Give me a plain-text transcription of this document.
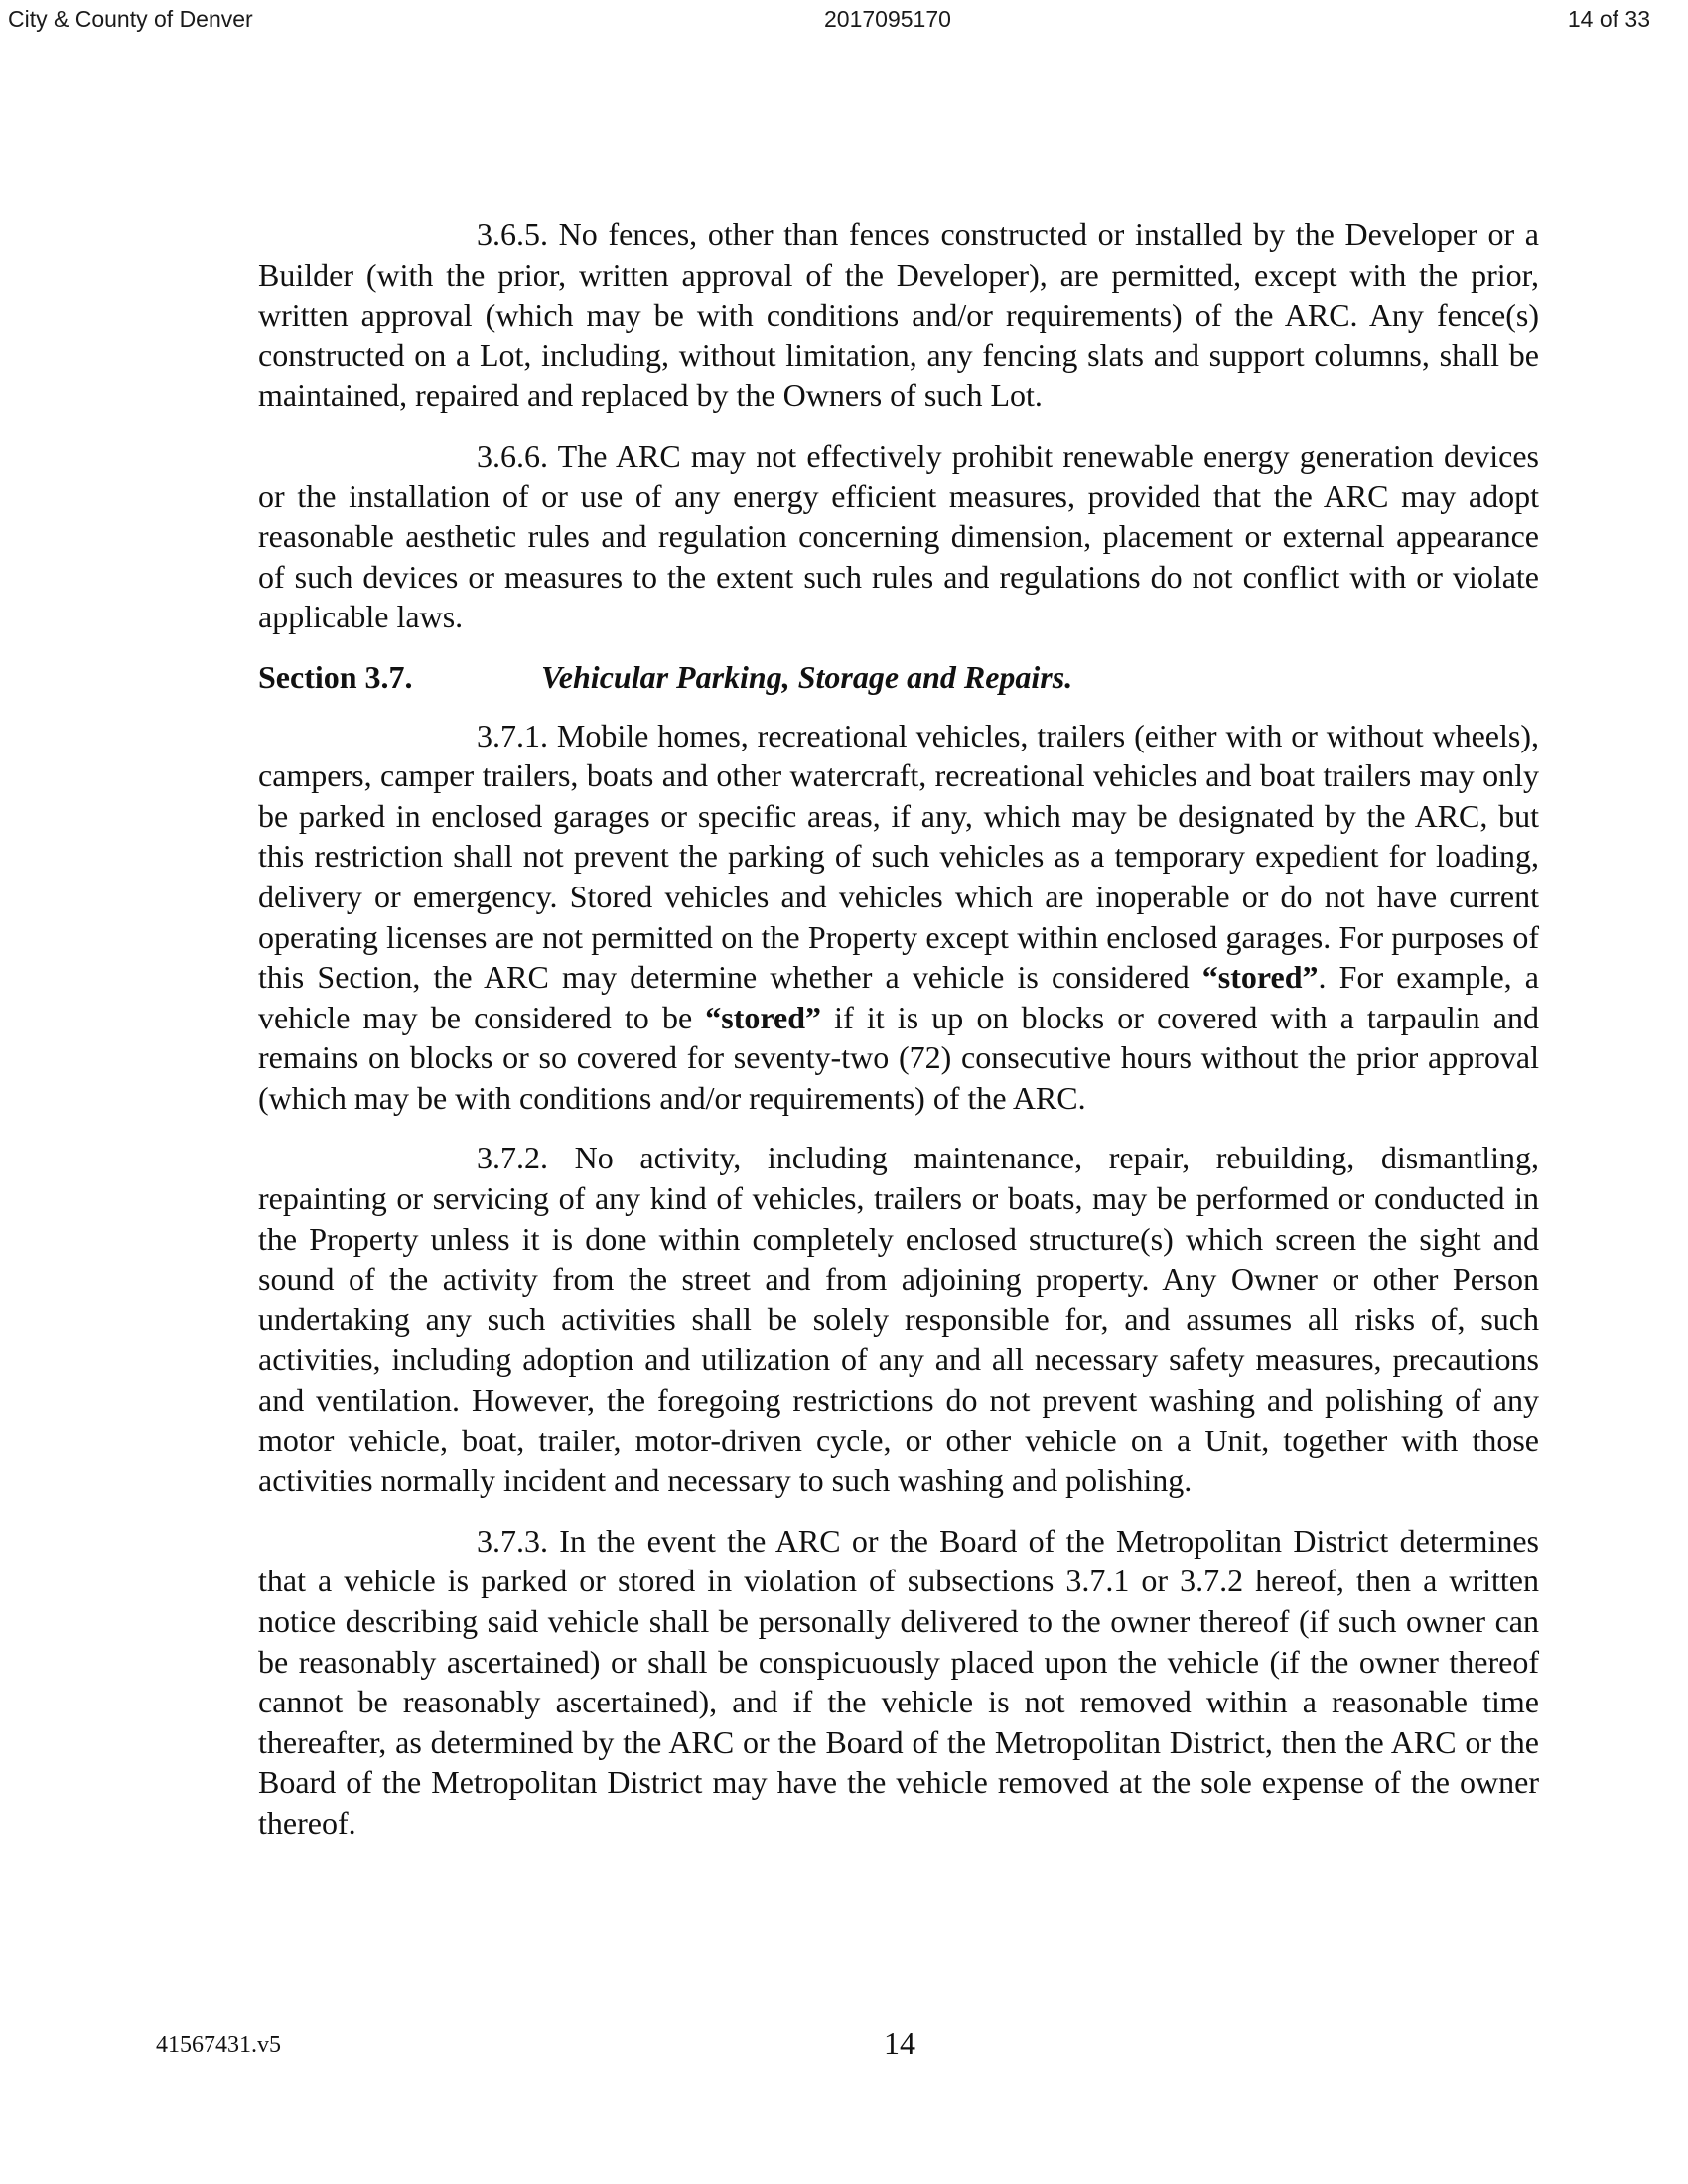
City & County of Denver	2017095170	14 of 33

3.6.5. No fences, other than fences constructed or installed by the Developer or a Builder (with the prior, written approval of the Developer), are permitted, except with the prior, written approval (which may be with conditions and/or requirements) of the ARC. Any fence(s) constructed on a Lot, including, without limitation, any fencing slats and support columns, shall be maintained, repaired and replaced by the Owners of such Lot.

3.6.6. The ARC may not effectively prohibit renewable energy generation devices or the installation of or use of any energy efficient measures, provided that the ARC may adopt reasonable aesthetic rules and regulation concerning dimension, placement or external appearance of such devices or measures to the extent such rules and regulations do not conflict with or violate applicable laws.

Section 3.7.	Vehicular Parking, Storage and Repairs.

3.7.1. Mobile homes, recreational vehicles, trailers (either with or without wheels), campers, camper trailers, boats and other watercraft, recreational vehicles and boat trailers may only be parked in enclosed garages or specific areas, if any, which may be designated by the ARC, but this restriction shall not prevent the parking of such vehicles as a temporary expedient for loading, delivery or emergency. Stored vehicles and vehicles which are inoperable or do not have current operating licenses are not permitted on the Property except within enclosed garages. For purposes of this Section, the ARC may determine whether a vehicle is considered “stored”. For example, a vehicle may be considered to be “stored” if it is up on blocks or covered with a tarpaulin and remains on blocks or so covered for seventy-two (72) consecutive hours without the prior approval (which may be with conditions and/or requirements) of the ARC.

3.7.2. No activity, including maintenance, repair, rebuilding, dismantling, repainting or servicing of any kind of vehicles, trailers or boats, may be performed or conducted in the Property unless it is done within completely enclosed structure(s) which screen the sight and sound of the activity from the street and from adjoining property. Any Owner or other Person undertaking any such activities shall be solely responsible for, and assumes all risks of, such activities, including adoption and utilization of any and all necessary safety measures, precautions and ventilation. However, the foregoing restrictions do not prevent washing and polishing of any motor vehicle, boat, trailer, motor-driven cycle, or other vehicle on a Unit, together with those activities normally incident and necessary to such washing and polishing.

3.7.3. In the event the ARC or the Board of the Metropolitan District determines that a vehicle is parked or stored in violation of subsections 3.7.1 or 3.7.2 hereof, then a written notice describing said vehicle shall be personally delivered to the owner thereof (if such owner can be reasonably ascertained) or shall be conspicuously placed upon the vehicle (if the owner thereof cannot be reasonably ascertained), and if the vehicle is not removed within a reasonable time thereafter, as determined by the ARC or the Board of the Metropolitan District, then the ARC or the Board of the Metropolitan District may have the vehicle removed at the sole expense of the owner thereof.

41567431.v5	14
